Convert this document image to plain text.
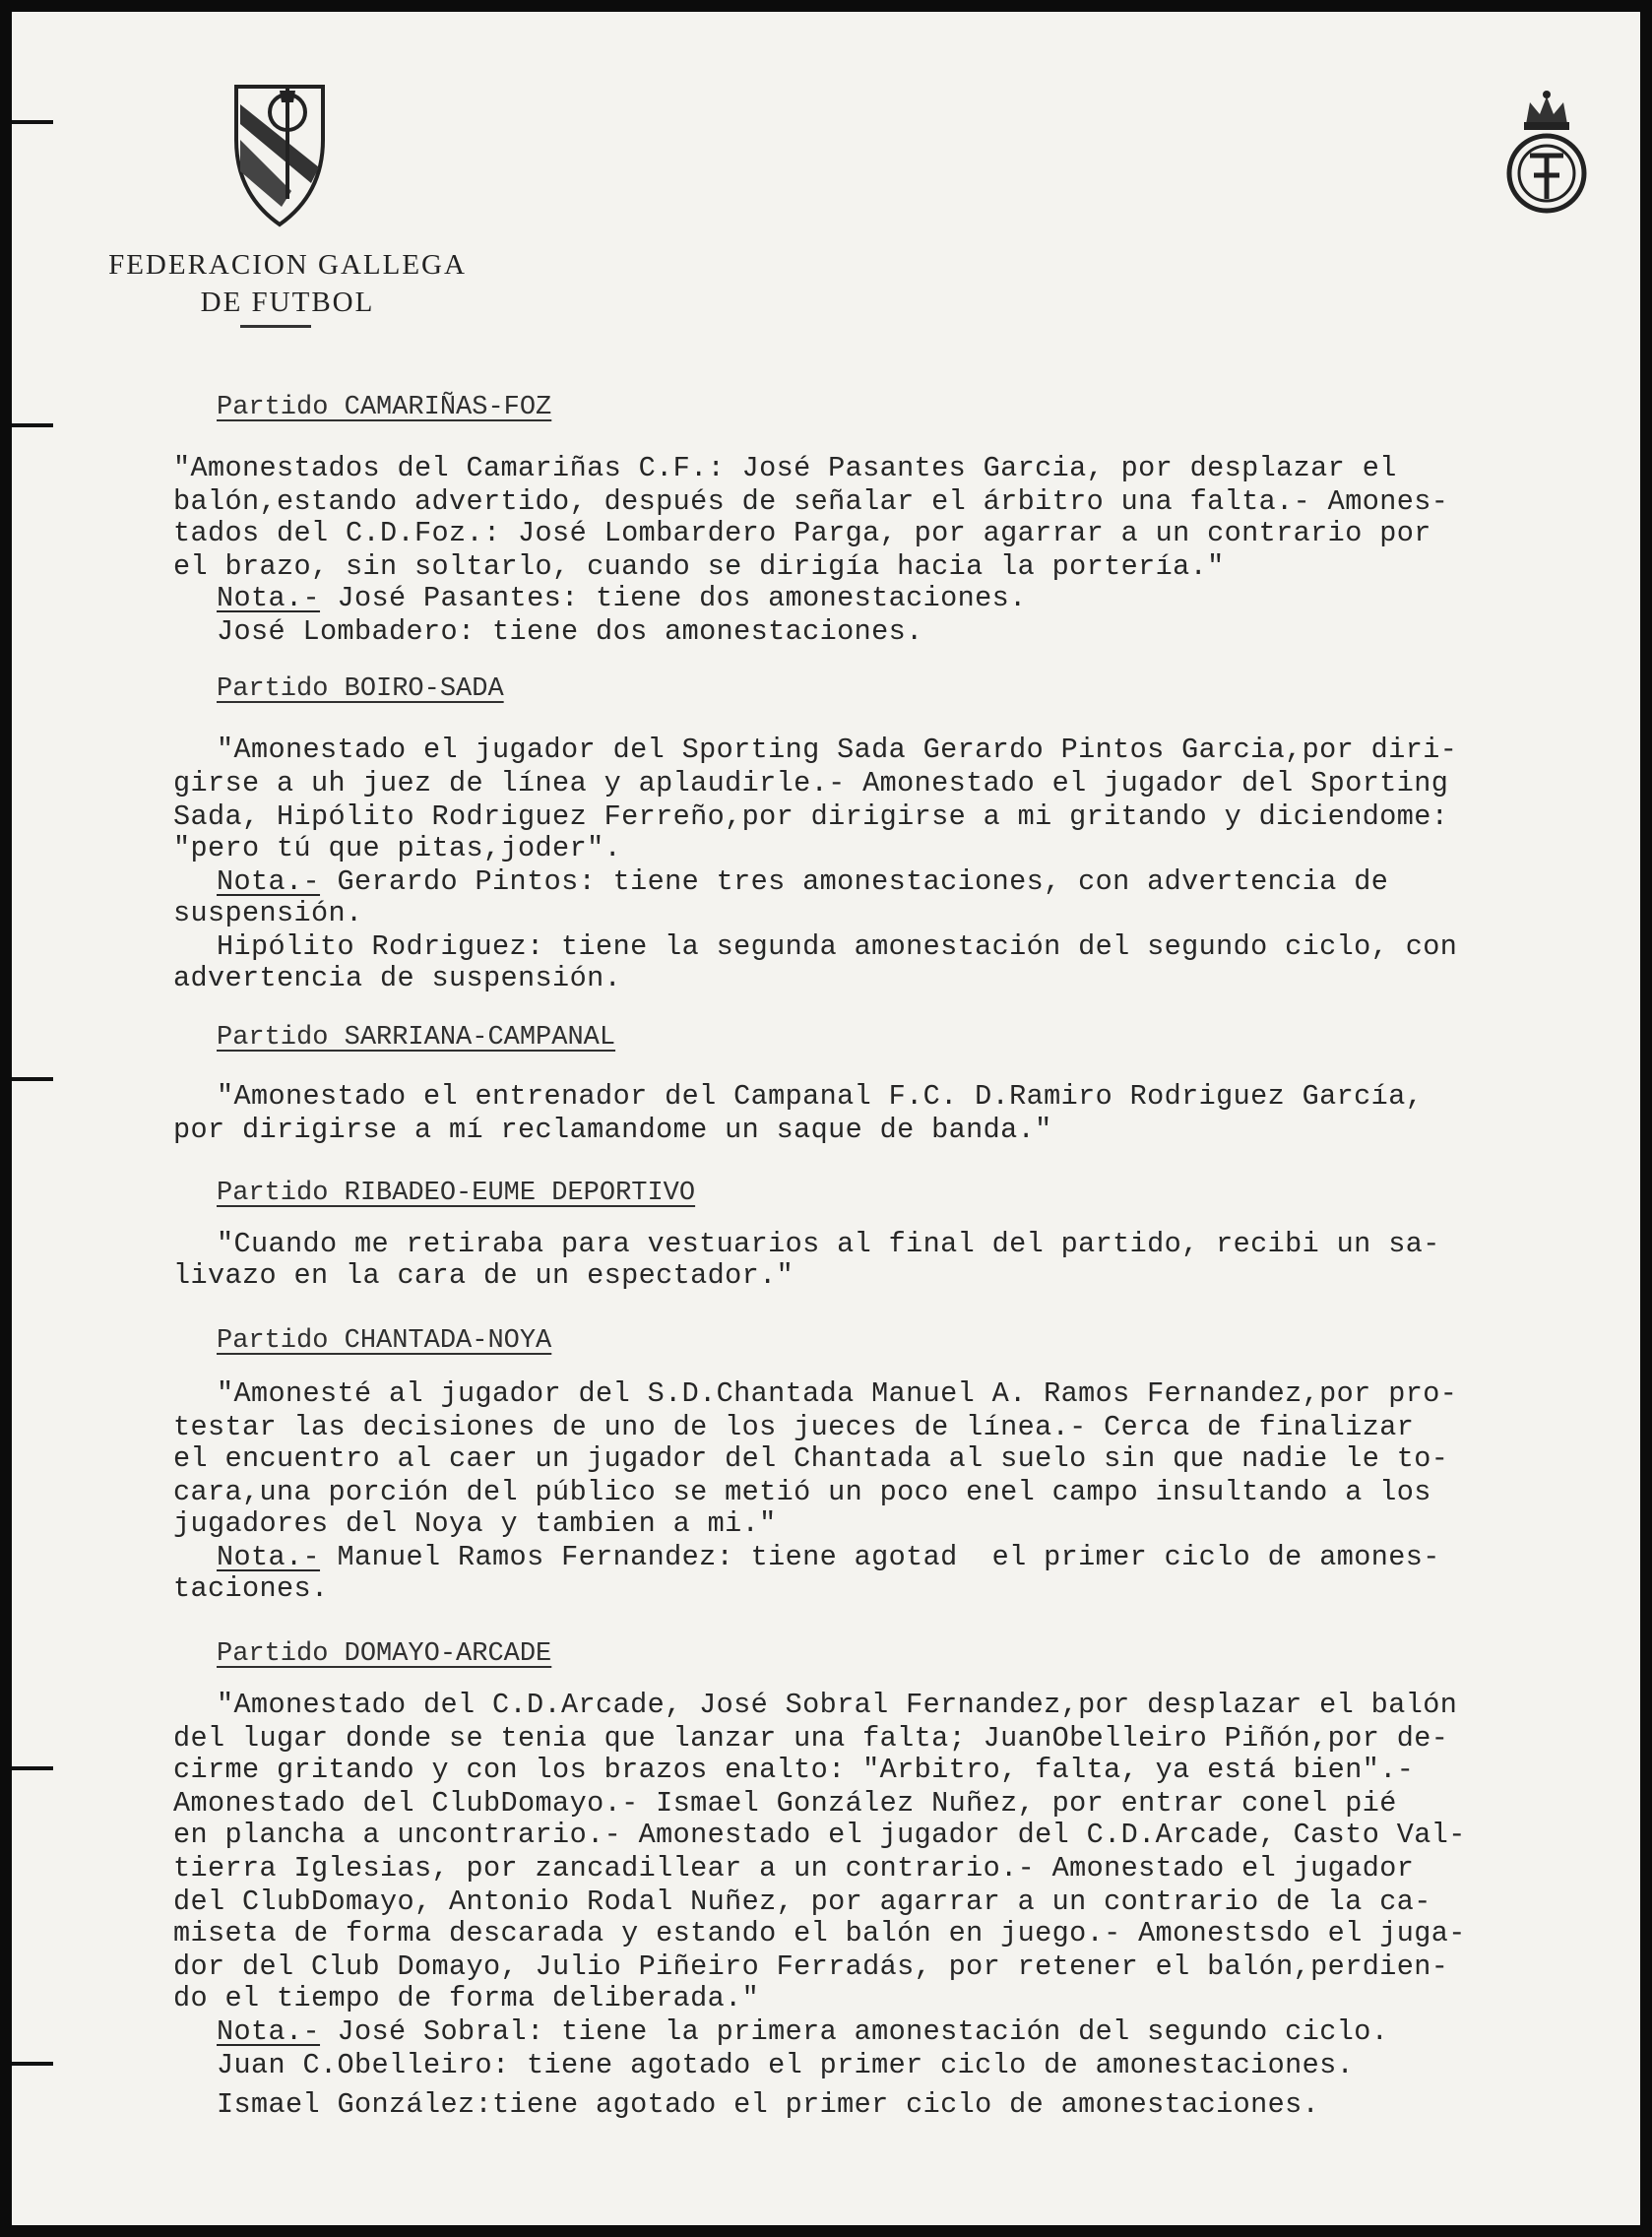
FEDERACION GALLEGA
DE FUTBOL
Partido CAMARIÑAS-FOZ
"Amonestados del Camariñas C.F.: José Pasantes Garcia, por desplazar el
balón,estando advertido, después de señalar el árbitro una falta.- Amones-
tados del C.D.Foz.: José Lombardero Parga, por agarrar a un contrario por
el brazo, sin soltarlo, cuando se dirigía hacia la portería."
Nota.- José Pasantes: tiene dos amonestaciones.
José Lombadero: tiene dos amonestaciones.
Partido BOIRO-SADA
"Amonestado el jugador del Sporting Sada Gerardo Pintos Garcia,por diri-
girse a uh juez de línea y aplaudirle.- Amonestado el jugador del Sporting
Sada, Hipólito Rodriguez Ferreño,por dirigirse a mi gritando y diciendome:
"pero tú que pitas,joder".
Nota.- Gerardo Pintos: tiene tres amonestaciones, con advertencia de
suspensión.
Hipólito Rodriguez: tiene la segunda amonestación del segundo ciclo, con
advertencia de suspensión.
Partido SARRIANA-CAMPANAL
"Amonestado el entrenador del Campanal F.C. D.Ramiro Rodriguez García,
por dirigirse a mí reclamandome un saque de banda."
Partido RIBADEO-EUME DEPORTIVO
"Cuando me retiraba para vestuarios al final del partido, recibi un sa-
livazo en la cara de un espectador."
Partido CHANTADA-NOYA
"Amonesté al jugador del S.D.Chantada Manuel A. Ramos Fernandez,por pro-
testar las decisiones de uno de los jueces de línea.- Cerca de finalizar
el encuentro al caer un jugador del Chantada al suelo sin que nadie le to-
cara,una porción del público se metió un poco enel campo insultando a los
jugadores del Noya y tambien a mi."
Nota.- Manuel Ramos Fernandez: tiene agotad  el primer ciclo de amones-
taciones.
Partido DOMAYO-ARCADE
"Amonestado del C.D.Arcade, José Sobral Fernandez,por desplazar el balón
del lugar donde se tenia que lanzar una falta; JuanObelleiro Piñón,por de-
cirme gritando y con los brazos enalto: "Arbitro, falta, ya está bien".-
Amonestado del ClubDomayo.- Ismael González Nuñez, por entrar conel pié
en plancha a uncontrario.- Amonestado el jugador del C.D.Arcade, Casto Val-
tierra Iglesias, por zancadillear a un contrario.- Amonestado el jugador
del ClubDomayo, Antonio Rodal Nuñez, por agarrar a un contrario de la ca-
miseta de forma descarada y estando el balón en juego.- Amonestsdo el juga-
dor del Club Domayo, Julio Piñeiro Ferradás, por retener el balón,perdien-
do el tiempo de forma deliberada."
Nota.- José Sobral: tiene la primera amonestación del segundo ciclo.
Juan C.Obelleiro: tiene agotado el primer ciclo de amonestaciones.
Ismael González:tiene agotado el primer ciclo de amonestaciones.
